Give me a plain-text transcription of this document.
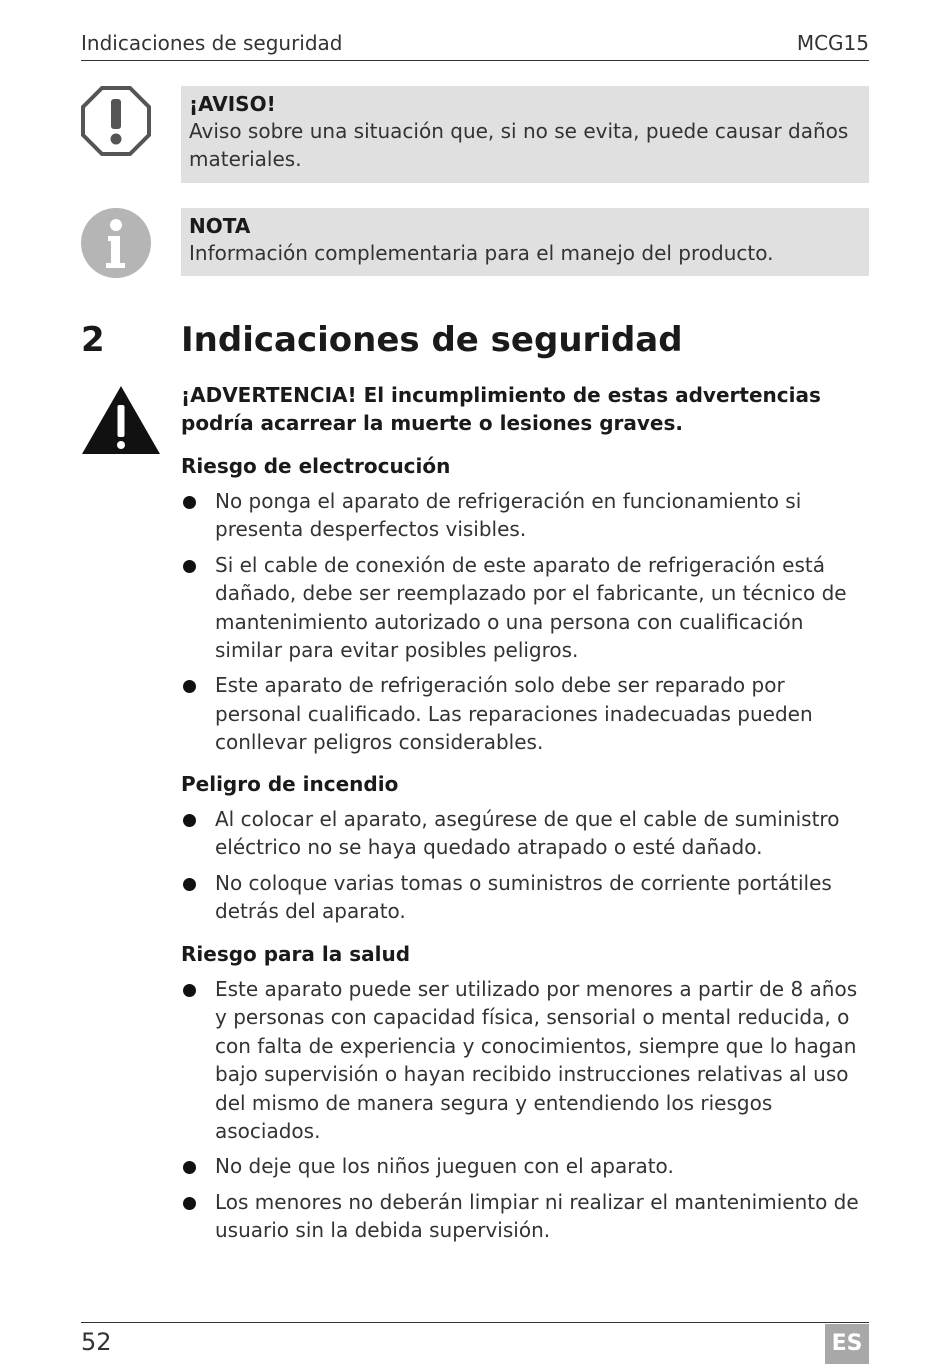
Indicaciones de seguridad	MCG15
¡AVISO!
Aviso sobre una situación que, si no se evita, puede causar daños materiales.
NOTA
Información complementaria para el manejo del producto.
2 Indicaciones de seguridad
¡ADVERTENCIA! El incumplimiento de estas advertencias podría acarrear la muerte o lesiones graves.
Riesgo de electrocución
No ponga el aparato de refrigeración en funcionamiento si presenta desperfectos visibles.
Si el cable de conexión de este aparato de refrigeración está dañado, debe ser reemplazado por el fabricante, un técnico de mantenimiento autorizado o una persona con cualificación similar para evitar posibles peligros.
Este aparato de refrigeración solo debe ser reparado por personal cualificado. Las reparaciones inadecuadas pueden conllevar peligros considerables.
Peligro de incendio
Al colocar el aparato, asegúrese de que el cable de suministro eléctrico no se haya quedado atrapado o esté dañado.
No coloque varias tomas o suministros de corriente portátiles detrás del aparato.
Riesgo para la salud
Este aparato puede ser utilizado por menores a partir de 8 años y personas con capacidad física, sensorial o mental reducida, o con falta de experiencia y conocimientos, siempre que lo hagan bajo supervisión o hayan recibido instrucciones relativas al uso del mismo de manera segura y entendiendo los riesgos asociados.
No deje que los niños jueguen con el aparato.
Los menores no deberán limpiar ni realizar el mantenimiento de usuario sin la debida supervisión.
52	ES
